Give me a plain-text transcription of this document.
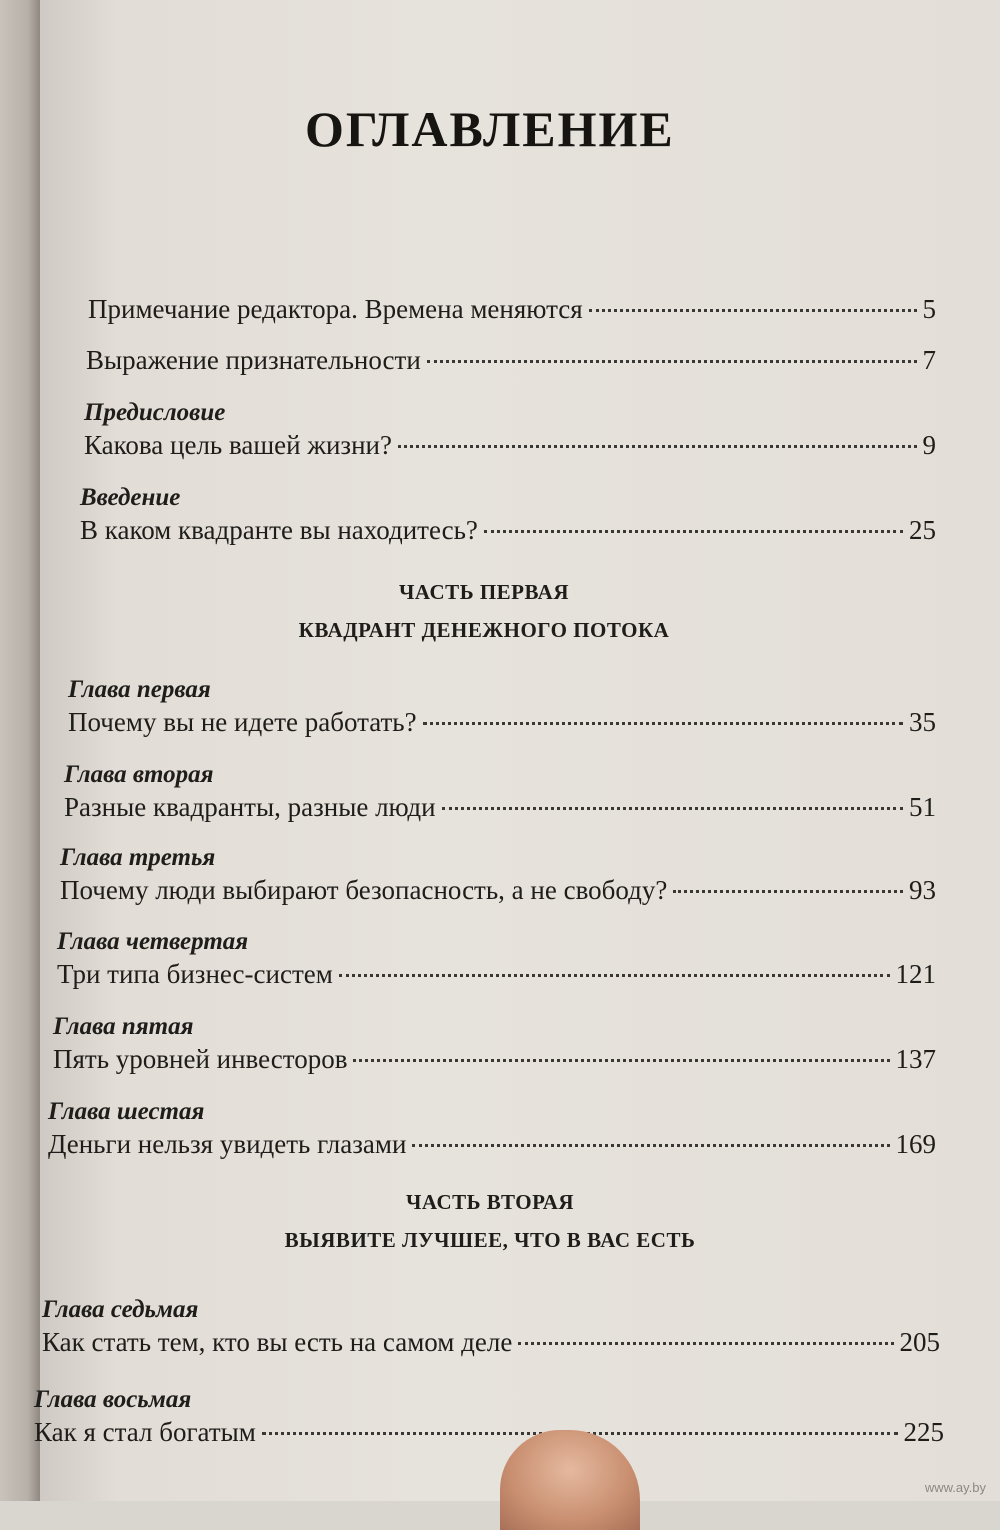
ОГЛАВЛЕНИЕ
Примечание редактора. Времена меняются	5
Выражение признательности	7
Предисловие
Какова цель вашей жизни?	9
Введение
В каком квадранте вы находитесь?	25
ЧАСТЬ ПЕРВАЯ
КВАДРАНТ ДЕНЕЖНОГО ПОТОКА
Глава первая
Почему вы не идете работать?	35
Глава вторая
Разные квадранты, разные люди	51
Глава третья
Почему люди выбирают безопасность, а не свободу?	93
Глава четвертая
Три типа бизнес-систем	121
Глава пятая
Пять уровней инвесторов	137
Глава шестая
Деньги нельзя увидеть глазами	169
ЧАСТЬ ВТОРАЯ
ВЫЯВИТЕ ЛУЧШЕЕ, ЧТО В ВАС ЕСТЬ
Глава седьмая
Как стать тем, кто вы есть на самом деле	205
Глава восьмая
Как я стал богатым	225
www.ay.by
